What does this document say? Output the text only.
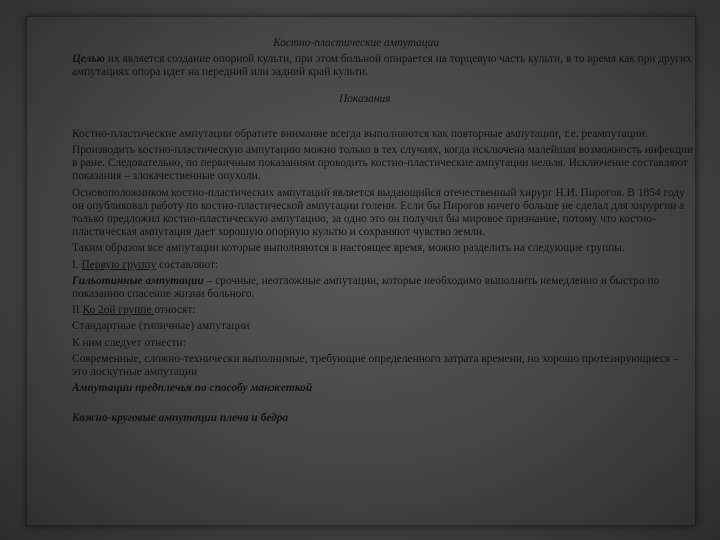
Костно-пластические ампутации

Целью их является создание опорной культи, при этом больной опирается на торцевую часть культи, в то время как при других ампутациях опора идет на передний или задний край культи.

Показания

Костно-пластические ампутации обратите внимание всегда выполняются как повторные ампутации, т.е. реампутации.

Производить костно-пластическую ампутацию можно только в тех случаях, когда исключена малейшая возможность инфекции в ране. Следовательно, по первичным показаниям проводить костно-пластические ампутации нельзя. Исключение составляют показания – злокачественные опухоли.

Основоположником костно-пластических ампутаций является выдающийся отечественный хирург Н.И. Пирогов. В 1854 году он опубликовал работу по костно-пластической ампутации голени. Если бы Пирогов ничего больше не сделал для хирургии а только предложил костно-пластическую ампутацию, за одно это он получил бы мировое признание, потому что костно-пластическая ампутация дает хорошую опорную культю и сохраняют чувство земли.

Таким образом все ампутации которые выполняются в настоящее время, можно разделить на следующие группы.

I. Первую группу составляют:

Гильотинные ампутации – срочные, неотложные ампутации, которые необходимо выполнить немедленно и быстро по показанию спасение жизни больного.

II Ко 2ой группе относят:

Стандартные (типичные) ампутации

К ним следует отнести:

Современные, сложно-технически выполнимые, требующие определенного затрата времени, но хорошо протезирующиеся – это лоскутные ампутации

Ампутации предплечья по способу манжеткой

Кожно-круговые ампутации плеча и бедра
